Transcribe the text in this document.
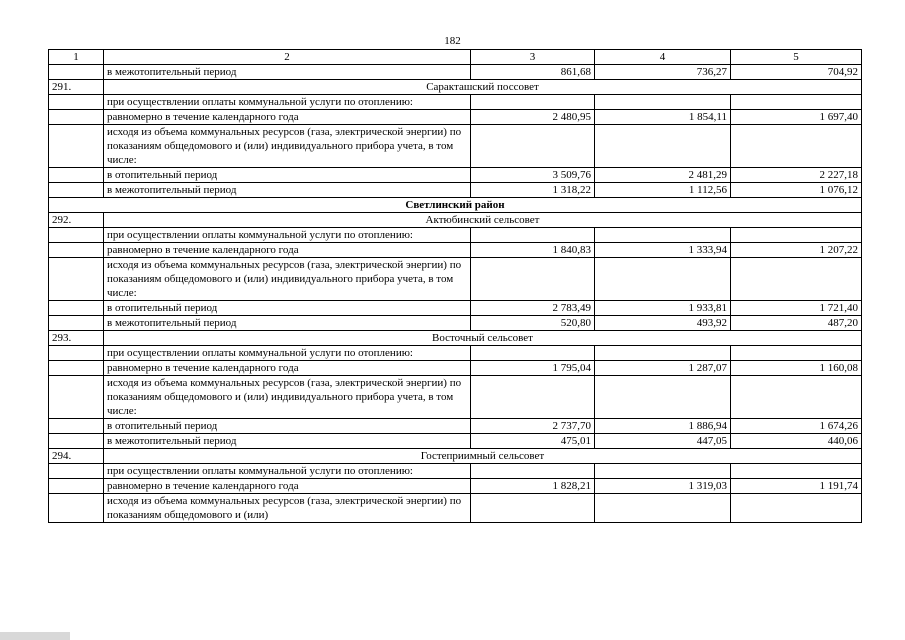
182
1	2	3	4	5
	в межотопительный период	861,68	736,27	704,92
291.	Саракташский поссовет			
	при осуществлении оплаты коммунальной услуги по отоплению:			
	равномерно в течение календарного года	2 480,95	1 854,11	1 697,40
	исходя из объема коммунальных ресурсов (газа, электрической энергии) по показаниям общедомового и (или) индивидуального прибора учета, в том числе:			
	в отопительный период	3 509,76	2 481,29	2 227,18
	в межотопительный период	1 318,22	1 112,56	1 076,12
Светлинский район				
292.	Актюбинский сельсовет			
	при осуществлении оплаты коммунальной услуги по отоплению:			
	равномерно в течение календарного года	1 840,83	1 333,94	1 207,22
	исходя из объема коммунальных ресурсов (газа, электрической энергии) по показаниям общедомового и (или) индивидуального прибора учета, в том числе:			
	в отопительный период	2 783,49	1 933,81	1 721,40
	в межотопительный период	520,80	493,92	487,20
293.	Восточный сельсовет			
	при осуществлении оплаты коммунальной услуги по отоплению:			
	равномерно в течение календарного года	1 795,04	1 287,07	1 160,08
	исходя из объема коммунальных ресурсов (газа, электрической энергии) по показаниям общедомового и (или) индивидуального прибора учета, в том числе:			
	в отопительный период	2 737,70	1 886,94	1 674,26
	в межотопительный период	475,01	447,05	440,06
294.	Гостеприимный сельсовет			
	при осуществлении оплаты коммунальной услуги по отоплению:			
	равномерно в течение календарного года	1 828,21	1 319,03	1 191,74
	исходя из объема коммунальных ресурсов (газа, электрической энергии) по показаниям общедомового и (или)			
